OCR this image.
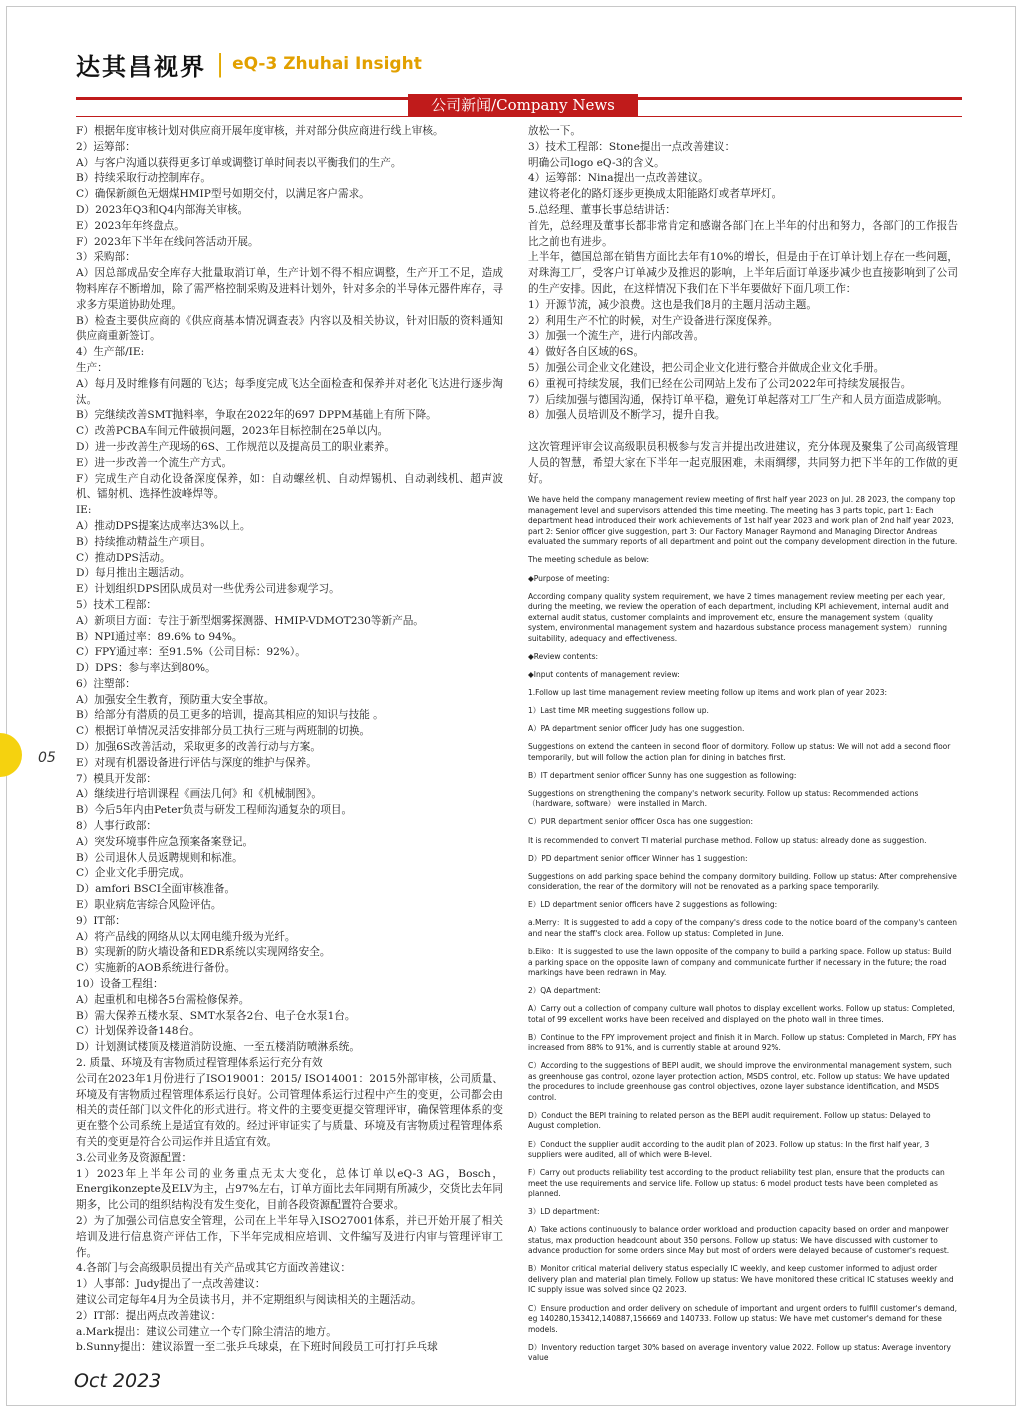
达其昌视界 | eQ-3 Zhuhai Insight
公司新闻/Company News

F）根据年度审核计划对供应商开展年度审核，并对部分供应商进行线上审核。

2）运筹部：

A）与客户沟通以获得更多订单或调整订单时间表以平衡我们的生产。

B）持续采取行动控制库存。

C）确保新颜色无烟煤HMIP型号如期交付，以满足客户需求。

D）2023年Q3和Q4内部海关审核。

E）2023年年终盘点。

F）2023年下半年在线问答活动开展。

3）采购部：

A）因总部成品安全库存大批量取消订单，生产计划不得不相应调整，生产开工不足，造成物料库存不断增加，除了需严格控制采购及进料计划外，针对多余的半导体元器件库存，寻求多方渠道协助处理。

B）检查主要供应商的《供应商基本情况调查表》内容以及相关协议，针对旧版的资料通知供应商重新签订。

4）生产部/IE:

生产：

A）每月及时维修有问题的飞达；每季度完成飞达全面检查和保养并对老化飞达进行逐步淘汰。

B）完继续改善SMT抛料率，争取在2022年的697 DPPM基础上有所下降。

C）改善PCBA车间元件破损问题，2023年目标控制在25单以内。

D）进一步改善生产现场的6S、工作规范以及提高员工的职业素养。

E）进一步改善一个流生产方式。

F）完成生产自动化设备深度保养，如：自动螺丝机、自动焊锡机、自动剥线机、超声波机、镭射机、选择性波峰焊等。

IE:

A）推动DPS提案达成率达3%以上。

B）持续推动精益生产项目。

C）推动DPS活动。

D）每月推出主题活动。

E）计划组织DPS团队成员对一些优秀公司进参观学习。

5）技术工程部：

A）新项目方面：专注于新型烟雾探测器、HMIP-VDMOT230等新产品。

B）NPI通过率：89.6% to 94%。

C）FPY通过率：至91.5%（公司目标：92%）。

D）DPS：参与率达到80%。

6）注塑部：

A）加强安全生教育，预防重大安全事故。

B）给部分有潜质的员工更多的培训，提高其相应的知识与技能 。

C）根据订单情况灵活安排部分员工执行三班与两班制的切换。

D）加强6S改善活动，采取更多的改善行动与方案。

E）对现有机器设备进行评估与深度的维护与保养。

7）模具开发部：

A）继续进行培训课程《画法几何》和《机械制图》。

B）今后5年内由Peter负责与研发工程师沟通复杂的项目。

8）人事行政部：

A）突发环境事件应急预案备案登记。

B）公司退休人员返聘规则和标准。

C）企业文化手册完成。

D）amfori BSCI全面审核准备。

E）职业病危害综合风险评估。

9）IT部：

A）将产品线的网络从以太网电缆升级为光纤。

B）实现新的防火墙设备和EDR系统以实现网络安全。

C）实施新的AOB系统进行备份。

10）设备工程组：

A）起重机和电梯各5台需检修保养。

B）需大保养五楼水泵、SMT水泵各2台、电子仓水泵1台。

C）计划保养设备148台。

D）计划测试楼顶及楼道消防设施、一至五楼消防喷淋系统。

2. 质量、环境及有害物质过程管理体系运行充分有效

公司在2023年1月份进行了ISO19001：2015/ ISO14001：2015外部审核，公司质量、环境及有害物质过程管理体系运行良好。公司管理体系运行过程中产生的变更，公司都会由相关的责任部门以文件化的形式进行。将文件的主要变更提交管理评审，确保管理体系的变更在整个公司系统上是适宜有效的。经过评审证实了与质量、环境及有害物质过程管理体系有关的变更是符合公司运作并且适宜有效。

3.公司业务及资源配置：

1）2023年上半年公司的业务重点无太大变化，总体订单以eQ-3 AG，Bosch，Energikonzepte及ELV为主，占97%左右，订单方面比去年同期有所减少，交货比去年同期多，比公司的组织结构没有发生变化，目前各段资源配置符合要求。

2）为了加强公司信息安全管理，公司在上半年导入ISO27001体系，并已开始开展了相关培训及进行信息资产评估工作，下半年完成相应培训、文件编写及进行内审与管理评审工作。

4.各部门与会高级职员提出有关产品或其它方面改善建议：

1）人事部：Judy提出了一点改善建议：

建议公司定每年4月为全员读书月，并不定期组织与阅读相关的主题活动。

2）IT部：提出两点改善建议：

a.Mark提出：建议公司建立一个专门除尘清洁的地方。

b.Sunny提出：建议添置一至二张乒乓球桌，在下班时间段员工可打打乒乓球

放松一下。

3）技术工程部：Stone提出一点改善建议：

明确公司logo eQ-3的含义。

4）运筹部：Nina提出一点改善建议。

建议将老化的路灯逐步更换成太阳能路灯或者草坪灯。

5.总经理、董事长事总结讲话：

首先，总经理及董事长都非常肯定和感谢各部门在上半年的付出和努力，各部门的工作报告比之前也有进步。

上半年，德国总部在销售方面比去年有10%的增长，但是由于在订单计划上存在一些问题，对珠海工厂，受客户订单减少及推迟的影响，上半年后面订单逐步减少也直接影响到了公司的生产安排。因此，在这样情况下我们在下半年要做好下面几项工作：

1）开源节流，减少浪费。这也是我们8月的主题月活动主题。

2）利用生产不忙的时候，对生产设备进行深度保养。

3）加强一个流生产，进行内部改善。

4）做好各自区域的6S。

5）加强公司企业文化建设，把公司企业文化进行整合并做成企业文化手册。

6）重视可持续发展，我们已经在公司网站上发布了公司2022年可持续发展报告。

7）后续加强与德国沟通，保持订单平稳，避免订单起落对工厂生产和人员方面造成影响。

8）加强人员培训及不断学习，提升自我。

这次管理评审会议高级职员积极参与发言并提出改进建议，充分体现及聚集了公司高级管理人员的智慧，希望大家在下半年一起克服困难，未雨绸缪，共同努力把下半年的工作做的更好。

We have held the company management review meeting of first half year 2023 on Jul. 28 2023, the company top management level and supervisors attended this time meeting. The meeting has 3 parts topic, part 1: Each department head introduced their work achievements of 1st half year 2023 and work plan of 2nd half year 2023, part 2: Senior officer give suggestion, part 3: Our Factory Manager Raymond and Managing Director Andreas evaluated the summary reports of all department and point out the company development direction in the future.

The meeting schedule as below:

◆Purpose of meeting:

According company quality system requirement, we have 2 times management review meeting per each year, during the meeting, we review the operation of each department, including KPI achievement, internal audit and external audit status, customer complaints and improvement etc, ensure the management system（quality system, environmental management system and hazardous substance process management system） running suitability, adequacy and effectiveness.

◆Review contents:

◆Input contents of management review:

1.Follow up last time management review meeting follow up items and work plan of year 2023:

1）Last time MR meeting suggestions follow up.

A）PA department senior officer Judy has one suggestion.

Suggestions on extend the canteen in second floor of dormitory. Follow up status: We will not add a second floor temporarily, but will follow the action plan for dining in batches first.

B）IT department senior officer Sunny has one suggestion as following:

Suggestions on strengthening the company's network security. Follow up status: Recommended actions （hardware, software） were installed in March.

C）PUR department senior officer Osca has one suggestion:

It is recommended to convert TI material purchase method. Follow up status: already done as suggestion.

D）PD department senior officer Winner has 1 suggestion:

Suggestions on add parking space behind the company dormitory building. Follow up status: After comprehensive consideration, the rear of the dormitory will not be renovated as a parking space temporarily.

E）LD department senior officers have 2 suggestions as following:

a.Merry：It is suggested to add a copy of the company's dress code to the notice board of the company's canteen and near the staff's clock area. Follow up status: Completed in June.

b.Eiko：It is suggested to use the lawn opposite of the company to build a parking space. Follow up status: Build a parking space on the opposite lawn of company and communicate further if necessary in the future; the road markings have been redrawn in May.

2）QA department:

A）Carry out a collection of company culture wall photos to display excellent works. Follow up status: Completed, total of 99 excellent works have been received and displayed on the photo wall in three times.

B）Continue to the FPY improvement project and finish it in March. Follow up status: Completed in March, FPY has increased from 88% to 91%, and is currently stable at around 92%.

C）According to the suggestions of BEPI audit, we should improve the environmental management system, such as greenhouse gas control, ozone layer protection action, MSDS control, etc. Follow up status: We have updated the procedures to include greenhouse gas control objectives, ozone layer substance identification, and MSDS control.

D）Conduct the BEPI training to related person as the BEPI audit requirement. Follow up status: Delayed to August completion.

E）Conduct the supplier audit according to the audit plan of 2023. Follow up status: In the first half year, 3 suppliers were audited, all of which were B-level.

F）Carry out products reliability test according to the product reliability test plan, ensure that the products can meet the use requirements and service life. Follow up status: 6 model product tests have been completed as planned.

3）LD department:

A）Take actions continuously to balance order workload and production capacity based on order and manpower status, max production headcount about 350 persons. Follow up status: We have discussed with customer to advance production for some orders since May but most of orders were delayed because of customer's request.

B）Monitor critical material delivery status especially IC weekly, and keep customer informed to adjust order delivery plan and material plan timely. Follow up status: We have monitored these critical IC statuses weekly and IC supply issue was solved since Q2 2023.

C）Ensure production and order delivery on schedule of important and urgent orders to fulfill customer's demand, eg 140280,153412,140887,156669 and 140733. Follow up status: We have met customer's demand for these models.

D）Inventory reduction target 30% based on average inventory value 2022. Follow up status: Average inventory value

05
Oct 2023
